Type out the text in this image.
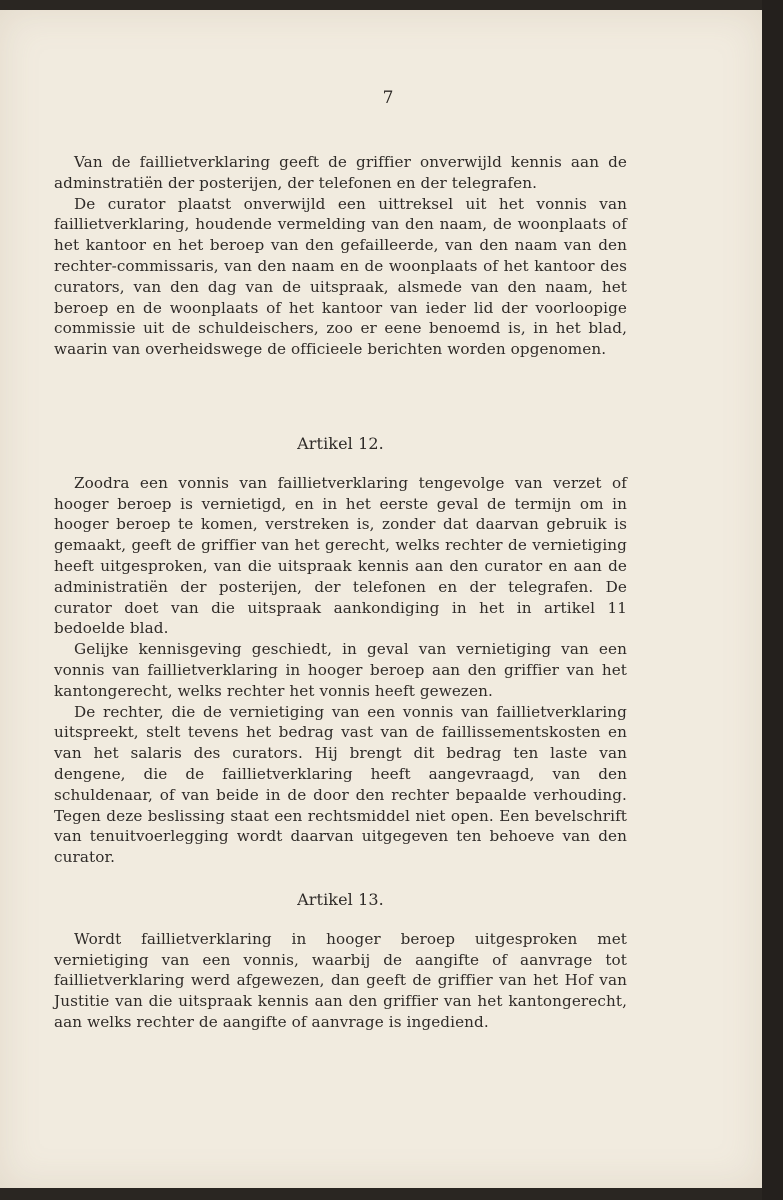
7

Van de faillietverklaring geeft de griffier onverwijld kennis aan de adminstratiën der posterijen, der telefonen en der telegrafen.

De curator plaatst onverwijld een uittreksel uit het vonnis van faillietverklaring, houdende vermelding van den naam, de woonplaats of het kantoor en het beroep van den gefailleerde, van den naam van den rechter-commissaris, van den naam en de woonplaats of het kantoor des curators, van den dag van de uitspraak, alsmede van den naam, het beroep en de woonplaats of het kantoor van ieder lid der voorloopige commissie uit de schuldeischers, zoo er eene benoemd is, in het blad, waarin van overheidswege de officieele berichten worden opgenomen.

Artikel 12.

Zoodra een vonnis van faillietverklaring tengevolge van verzet of hooger beroep is vernietigd, en in het eerste geval de termijn om in hooger beroep te komen, verstreken is, zonder dat daarvan gebruik is gemaakt, geeft de griffier van het gerecht, welks rechter de vernietiging heeft uitgesproken, van die uitspraak kennis aan den curator en aan de administratiën der posterijen, der telefonen en der telegrafen. De curator doet van die uitspraak aankondiging in het in artikel 11 bedoelde blad.

Gelijke kennisgeving geschiedt, in geval van vernietiging van een vonnis van faillietverklaring in hooger beroep aan den griffier van het kantongerecht, welks rechter het vonnis heeft gewezen.

De rechter, die de vernietiging van een vonnis van faillietverklaring uitspreekt, stelt tevens het bedrag vast van de faillissementskosten en van het salaris des curators. Hij brengt dit bedrag ten laste van dengene, die de faillietverklaring heeft aangevraagd, van den schuldenaar, of van beide in de door den rechter bepaalde verhouding. Tegen deze beslissing staat een rechtsmiddel niet open. Een bevelschrift van tenuitvoerlegging wordt daarvan uitgegeven ten behoeve van den curator.

Artikel 13.

Wordt faillietverklaring in hooger beroep uitgesproken met vernietiging van een vonnis, waarbij de aangifte of aanvrage tot faillietverklaring werd afgewezen, dan geeft de griffier van het Hof van Justitie van die uitspraak kennis aan den griffier van het kantongerecht, aan welks rechter de aangifte of aanvrage is ingediend.
